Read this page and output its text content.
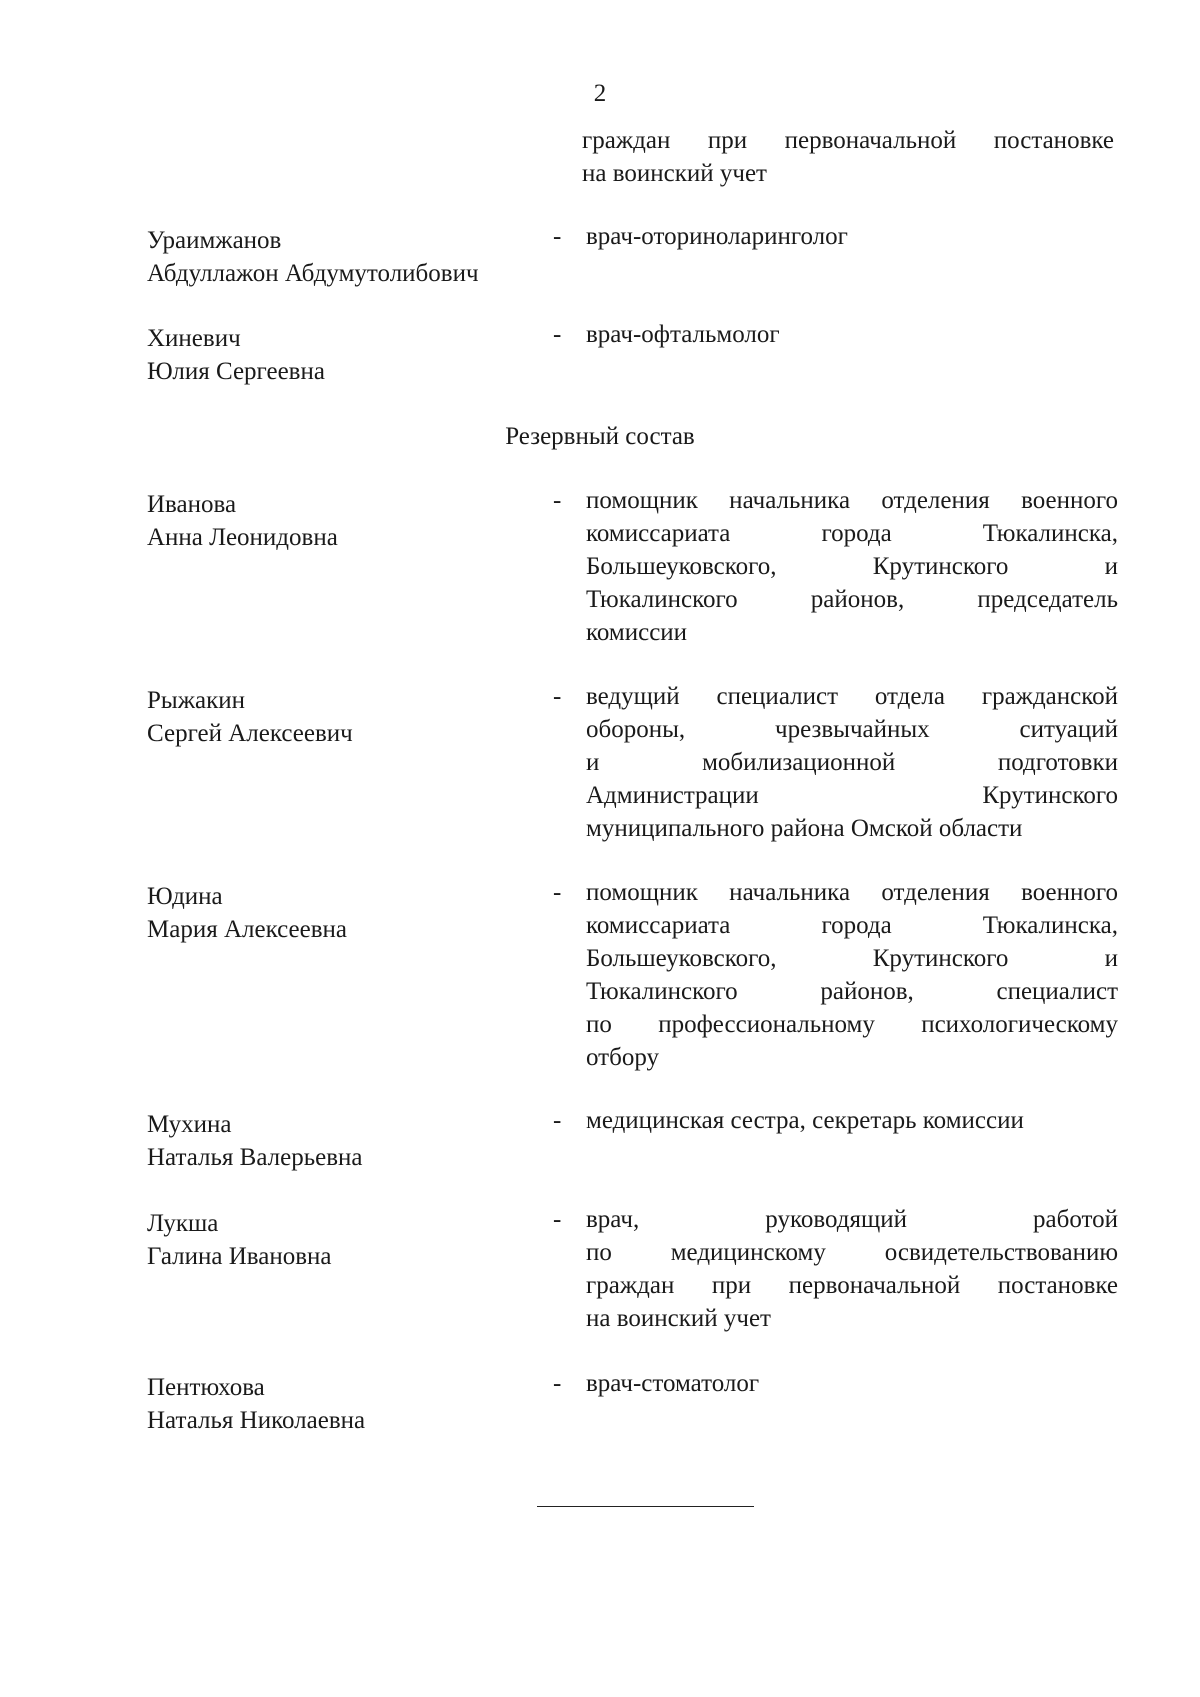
2
граждан при первоначальной постановке
на воинский учет
Ураимжанов
Абдуллажон Абдумутолибович
- врач-оториноларинголог
Хиневич
Юлия Сергеевна
- врач-офтальмолог
Резервный состав
Иванова
Анна Леонидовна
- помощник начальника отделения военного
комиссариата города Тюкалинска,
Большеуковского, Крутинского и
Тюкалинского районов, председатель
комиссии
Рыжакин
Сергей Алексеевич
- ведущий специалист отдела гражданской
обороны, чрезвычайных ситуаций
и мобилизационной подготовки
Администрации Крутинского
муниципального района Омской области
Юдина
Мария Алексеевна
- помощник начальника отделения военного
комиссариата города Тюкалинска,
Большеуковского, Крутинского и
Тюкалинского районов, специалист
по профессиональному психологическому
отбору
Мухина
Наталья Валерьевна
- медицинская сестра, секретарь комиссии
Лукша
Галина Ивановна
- врач, руководящий работой
по медицинскому освидетельствованию
граждан при первоначальной постановке
на воинский учет
Пентюхова
Наталья Николаевна
- врач-стоматолог
